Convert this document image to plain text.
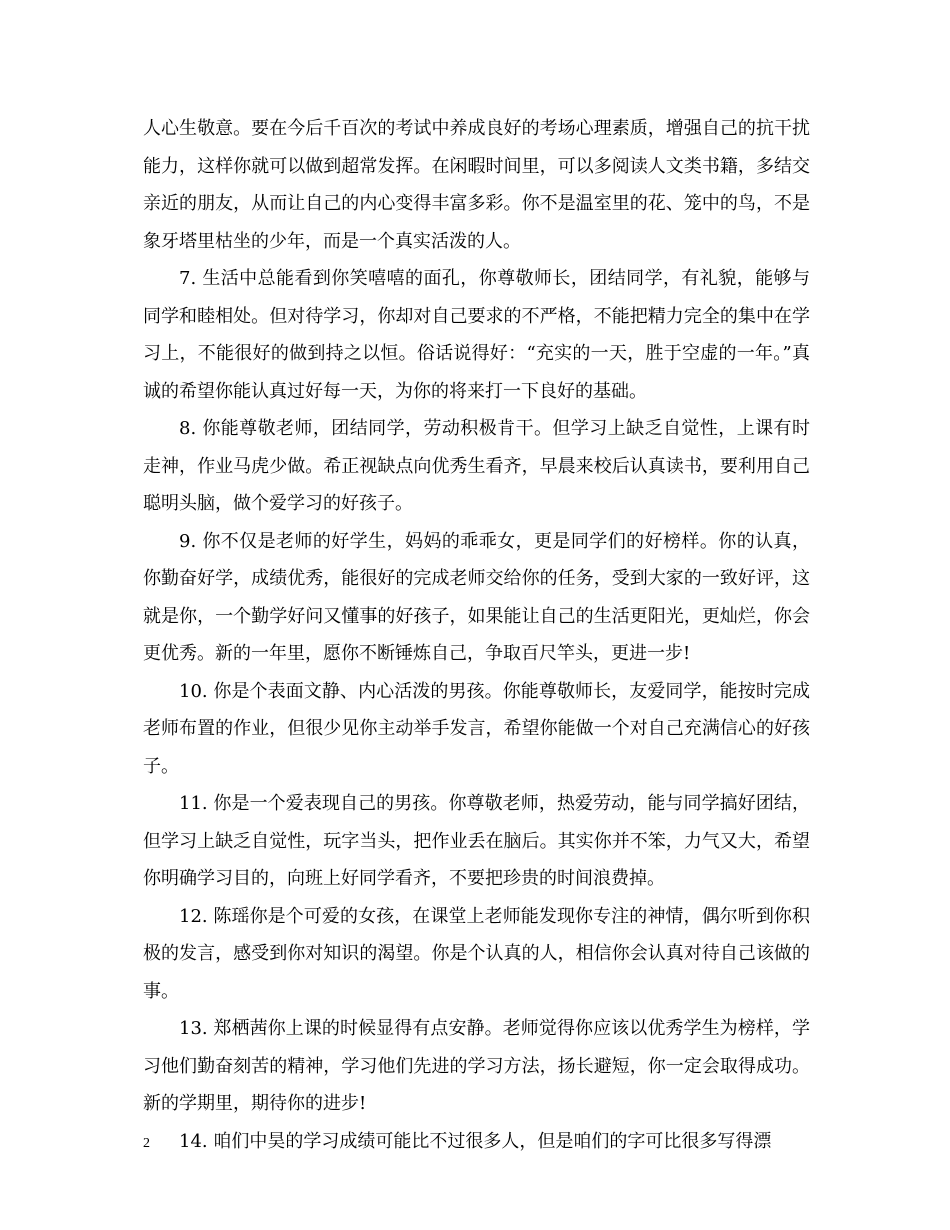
人心生敬意。要在今后千百次的考试中养成良好的考场心理素质，增强自己的抗干扰能力，这样你就可以做到超常发挥。在闲暇时间里，可以多阅读人文类书籍，多结交亲近的朋友，从而让自己的内心变得丰富多彩。你不是温室里的花、笼中的鸟，不是象牙塔里枯坐的少年，而是一个真实活泼的人。

7. 生活中总能看到你笑嘻嘻的面孔，你尊敬师长，团结同学，有礼貌，能够与同学和睦相处。但对待学习，你却对自己要求的不严格，不能把精力完全的集中在学习上，不能很好的做到持之以恒。俗话说得好：“充实的一天，胜于空虚的一年。”真诚的希望你能认真过好每一天，为你的将来打一下良好的基础。

8. 你能尊敬老师，团结同学，劳动积极肯干。但学习上缺乏自觉性，上课有时走神，作业马虎少做。希正视缺点向优秀生看齐，早晨来校后认真读书，要利用自己聪明头脑，做个爱学习的好孩子。

9. 你不仅是老师的好学生，妈妈的乖乖女，更是同学们的好榜样。你的认真，你勤奋好学，成绩优秀，能很好的完成老师交给你的任务，受到大家的一致好评，这就是你，一个勤学好问又懂事的好孩子，如果能让自己的生活更阳光，更灿烂，你会更优秀。新的一年里，愿你不断锤炼自己，争取百尺竿头，更进一步!

10. 你是个表面文静、内心活泼的男孩。你能尊敬师长，友爱同学，能按时完成老师布置的作业，但很少见你主动举手发言，希望你能做一个对自己充满信心的好孩子。

11. 你是一个爱表现自己的男孩。你尊敬老师，热爱劳动，能与同学搞好团结，但学习上缺乏自觉性，玩字当头，把作业丢在脑后。其实你并不笨，力气又大，希望你明确学习目的，向班上好同学看齐，不要把珍贵的时间浪费掉。

12. 陈瑶你是个可爱的女孩，在课堂上老师能发现你专注的神情，偶尔听到你积极的发言，感受到你对知识的渴望。你是个认真的人，相信你会认真对待自己该做的事。

13. 郑栖茜你上课的时候显得有点安静。老师觉得你应该以优秀学生为榜样，学习他们勤奋刻苦的精神，学习他们先进的学习方法，扬长避短，你一定会取得成功。新的学期里，期待你的进步!

14. 咱们中昊的学习成绩可能比不过很多人，但是咱们的字可比很多写得漂

2
